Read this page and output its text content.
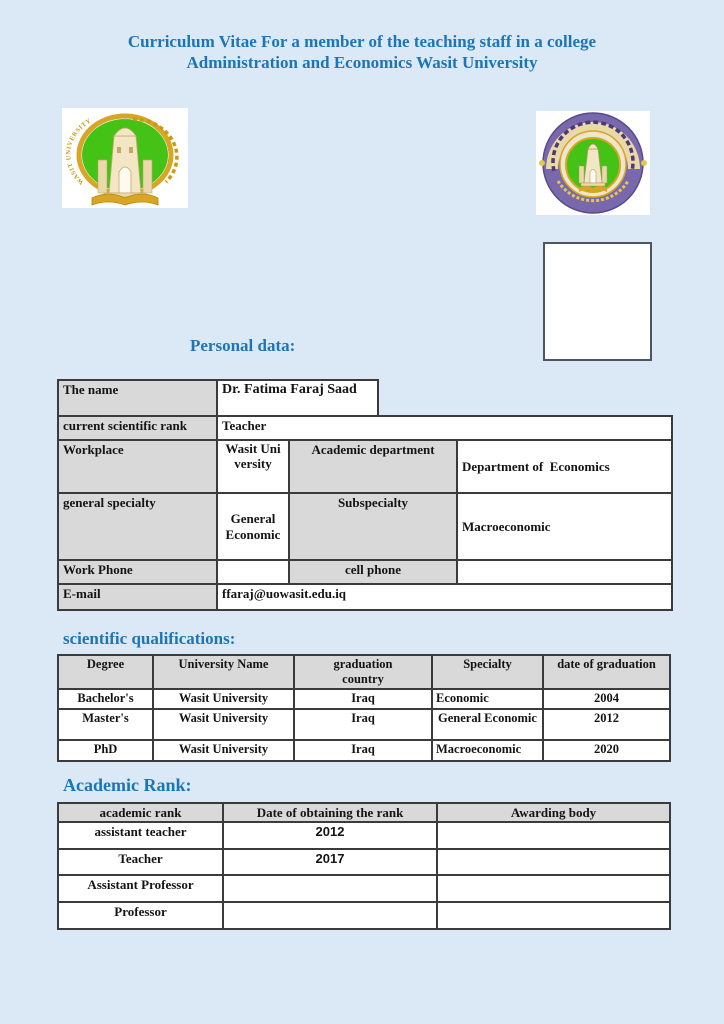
Curriculum Vitae For a member of the teaching staff in a college
Administration and Economics Wasit University
WASIT UNIVERSITY
Personal data:
The name	Dr. Fatima Faraj Saad
current scientific rank	Teacher		
Workplace	Wasit University	Academic department	Department of  Economics
general specialty	General Economic	Subspecialty	Macroeconomic
Work Phone		cell phone	
E-mail	ffaraj@uowasit.edu.iq		
scientific qualifications:
Degree	University Name	graduation country	Specialty	date of graduation
Bachelor's	Wasit University	Iraq	Economic	2004
Master's	Wasit University	Iraq	General Economic	2012
PhD	Wasit University	Iraq	Macroeconomic	2020
Academic Rank:
academic rank	Date of obtaining the rank	Awarding body
assistant teacher	2012	
Teacher	2017	
Assistant Professor		
Professor		
